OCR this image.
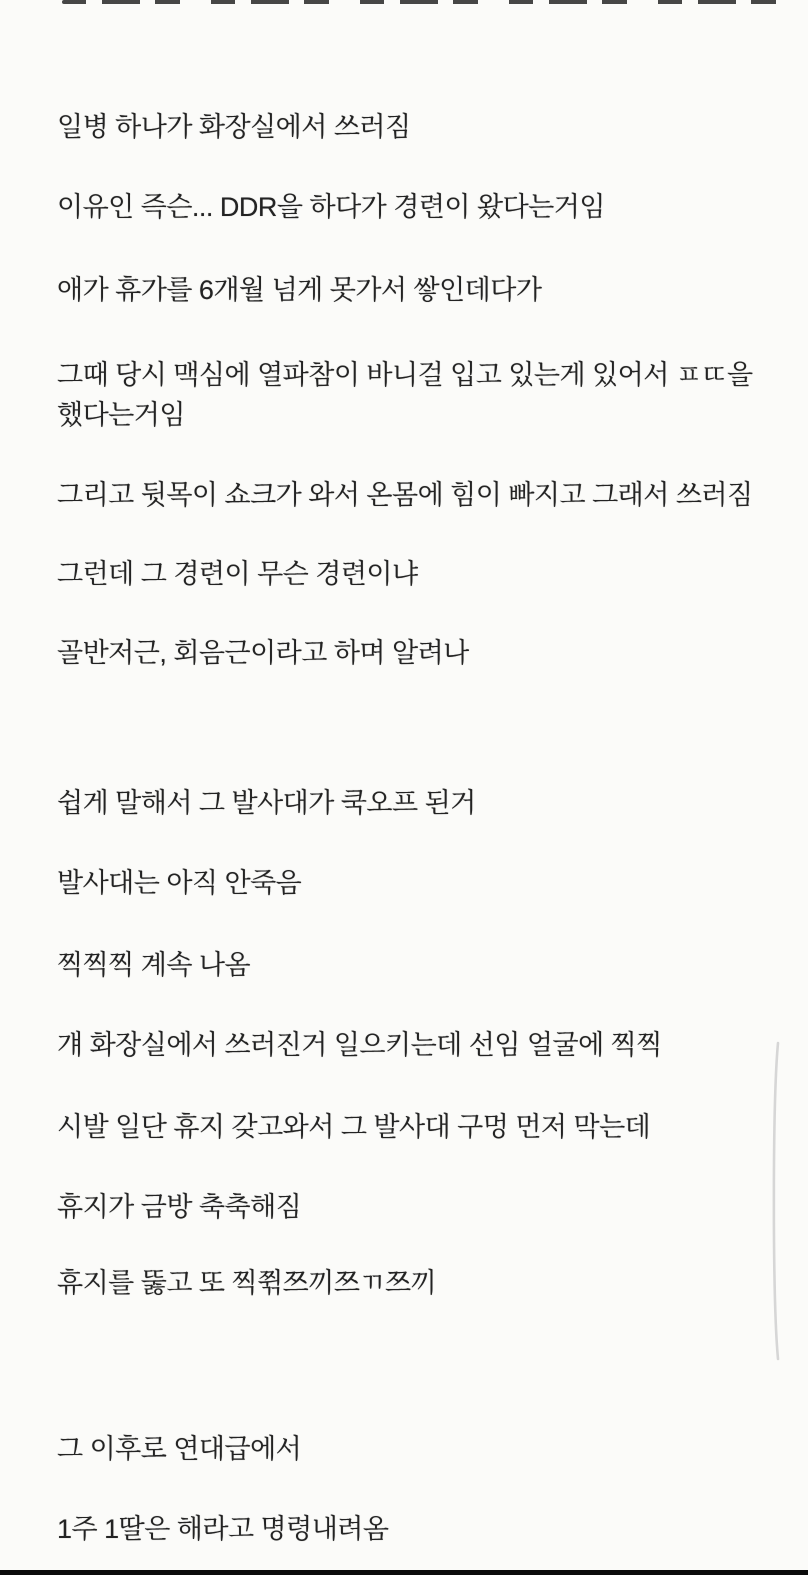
일병 하나가 화장실에서 쓰러짐
이유인 즉슨... DDR을 하다가 경련이 왔다는거임
애가 휴가를 6개월 넘게 못가서 쌓인데다가
그때 당시 맥심에 열파참이 바니걸 입고 있는게 있어서 ㅍㄸ을
했다는거임
그리고 뒷목이 쇼크가 와서 온몸에 힘이 빠지고 그래서 쓰러짐
그런데 그 경련이 무슨 경련이냐
골반저근, 회음근이라고 하며 알려나
쉽게 말해서 그 발사대가 쿡오프 된거
발사대는 아직 안죽음
찍찍찍 계속 나옴
걔 화장실에서 쓰러진거 일으키는데 선임 얼굴에 찍찍
시발 일단 휴지 갖고와서 그 발사대 구멍 먼저 막는데
휴지가 금방 축축해짐
휴지를 뚫고 또 찍쮞쯔끼쯔ㄲ쯔끼
그 이후로 연대급에서
1주 1딸은 해라고 명령내려옴
